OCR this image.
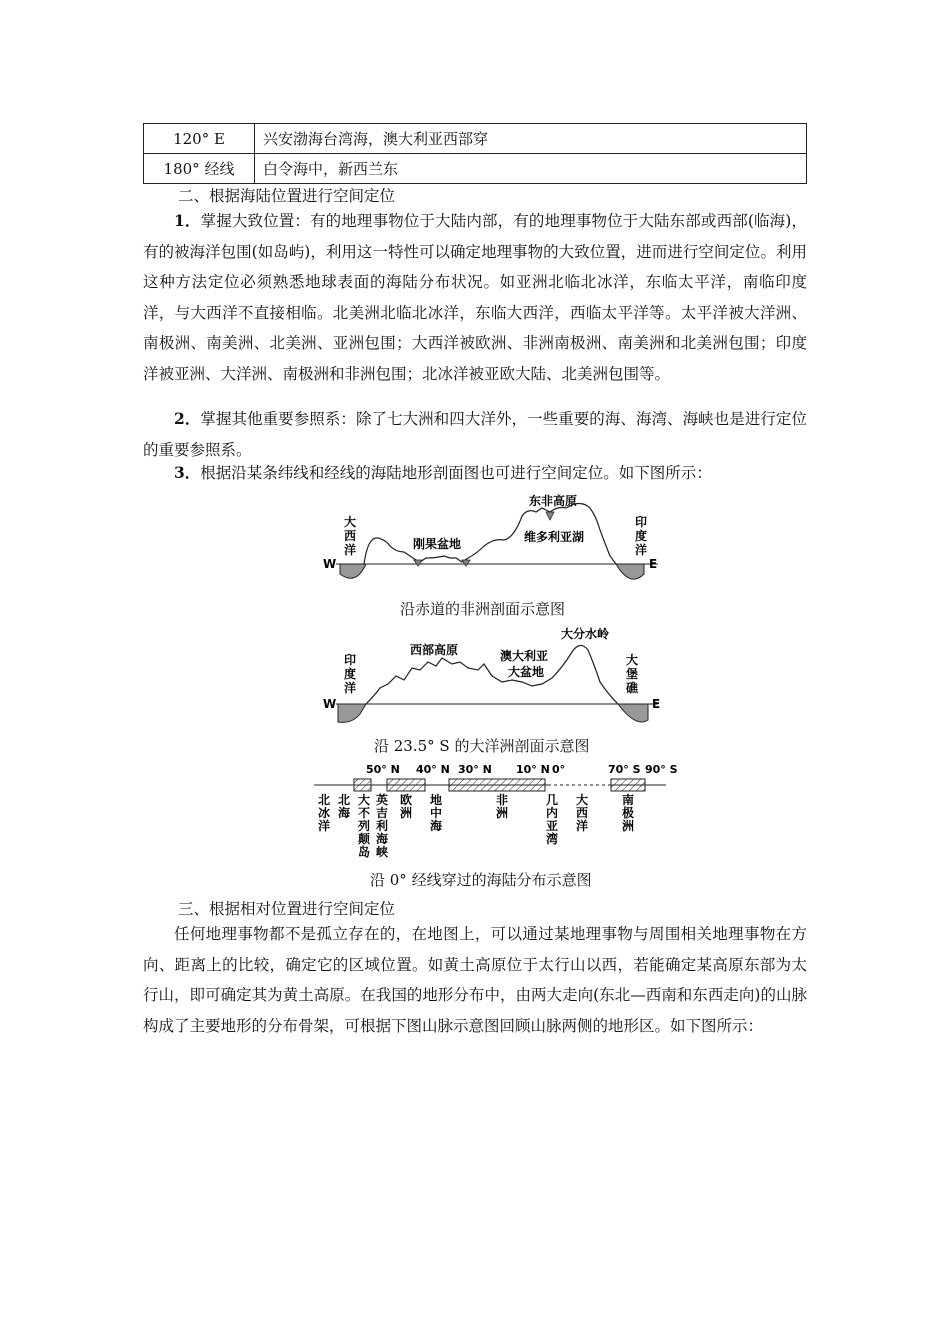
120° E	兴安渤海台湾海，澳大利亚西部穿
180° 经线	白令海中，新西兰东
二、根据海陆位置进行空间定位
1．掌握大致位置：有的地理事物位于大陆内部，有的地理事物位于大陆东部或西部(临海)，有的被海洋包围(如岛屿)，利用这一特性可以确定地理事物的大致位置，进而进行空间定位。利用这种方法定位必须熟悉地球表面的海陆分布状况。如亚洲北临北冰洋，东临太平洋，南临印度洋，与大西洋不直接相临。北美洲北临北冰洋，东临大西洋，西临太平洋等。太平洋被大洋洲、南极洲、南美洲、北美洲、亚洲包围；大西洋被欧洲、非洲南极洲、南美洲和北美洲包围；印度洋被亚洲、大洋洲、南极洲和非洲包围；北冰洋被亚欧大陆、北美洲包围等。
2．掌握其他重要参照系：除了七大洲和四大洋外，一些重要的海、海湾、海峡也是进行定位的重要参照系。
3．根据沿某条纬线和经线的海陆地形剖面图也可进行空间定位。如下图所示：
W	E
大
西
洋	刚果盆地
东非高原
维多利亚湖
印
度
洋
沿赤道的非洲剖面示意图
W	E
印
度
洋
西部高原	澳大利亚
大盆地
大分水岭
大
堡
礁
沿 23.5° S 的大洋洲剖面示意图
50° N 40° N 30° N 10° N 0°	70° S 90° S
北冰洋
北海
大不列颠岛
英吉利海峡
欧洲
地中海
非洲
几内亚湾
大西洋
南极洲
沿 0° 经线穿过的海陆分布示意图
三、根据相对位置进行空间定位
任何地理事物都不是孤立存在的，在地图上，可以通过某地理事物与周围相关地理事物在方向、距离上的比较，确定它的区域位置。如黄土高原位于太行山以西，若能确定某高原东部为太行山，即可确定其为黄土高原。在我国的地形分布中，由两大走向(东北—西南和东西走向)的山脉构成了主要地形的分布骨架，可根据下图山脉示意图回顾山脉两侧的地形区。如下图所示：
